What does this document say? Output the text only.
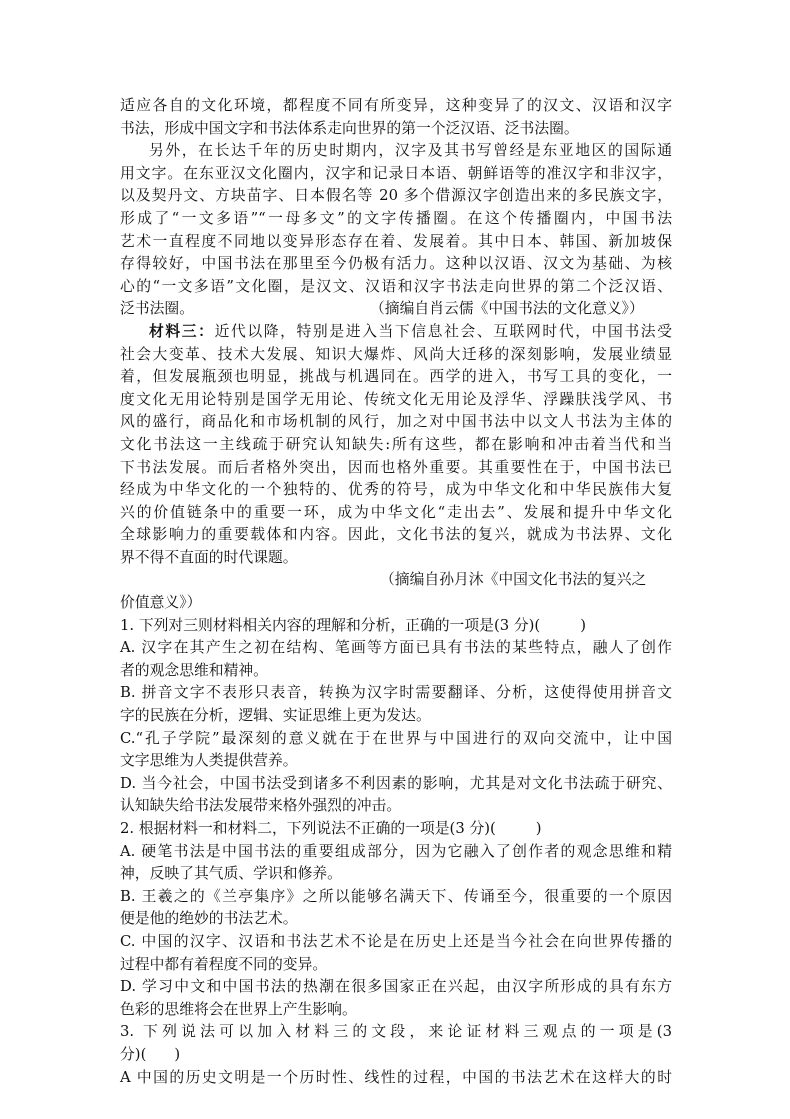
适应各自的文化环境，都程度不同有所变异，这种变异了的汉文、汉语和汉字
书法，形成中国文字和书法体系走向世界的第一个泛汉语、泛书法圈。
另外，在长达千年的历史时期内，汉字及其书写曾经是东亚地区的国际通
用文字。在东亚汉文化圈内，汉字和记录日本语、朝鲜语等的准汉字和非汉字，
以及契丹文、方块苗字、日本假名等 20 多个借源汉字创造出来的多民族文字，
形成了“一文多语”“一母多文”的文字传播圈。在这个传播圈内，中国书法
艺术一直程度不同地以变异形态存在着、发展着。其中日本、韩国、新加坡保
存得较好，中国书法在那里至今仍极有活力。这种以汉语、汉文为基础、为核
心的“一文多语”文化圈，是汉文、汉语和汉字书法走向世界的第二个泛汉语、
泛书法圈。	（摘编自肖云儒《中国书法的文化意义》）
材料三：近代以降，特别是进入当下信息社会、互联网时代，中国书法受
社会大变革、技术大发展、知识大爆炸、风尚大迁移的深刻影响，发展业绩显
着，但发展瓶颈也明显，挑战与机遇同在。西学的进入，书写工具的变化，一
度文化无用论特别是国学无用论、传统文化无用论及浮华、浮躁肤浅学风、书
风的盛行，商品化和市场机制的风行，加之对中国书法中以文人书法为主体的
文化书法这一主线疏于研究认知缺失:所有这些，都在影响和冲击着当代和当
下书法发展。而后者格外突出，因而也格外重要。其重要性在于，中国书法已
经成为中华文化的一个独特的、优秀的符号，成为中华文化和中华民族伟大复
兴的价值链条中的重要一环，成为中华文化“走出去”、发展和提升中华文化
全球影响力的重要载体和内容。因此，文化书法的复兴，就成为书法界、文化
界不得不直面的时代课题。
（摘编自孙月沐《中国文化书法的复兴之
价值意义》）
1. 下列对三则材料相关内容的理解和分析，正确的一项是(3 分)(	)
A. 汉字在其产生之初在结构、笔画等方面已具有书法的某些特点，融人了创作
者的观念思维和精神。
B. 拼音文字不表形只表音，转换为汉字时需要翻译、分析，这使得使用拼音文
字的民族在分析，逻辑、实证思维上更为发达。
C.“孔子学院”最深刻的意义就在于在世界与中国进行的双向交流中，让中国
文字思维为人类提供营养。
D. 当今社会，中国书法受到诸多不利因素的影响，尤其是对文化书法疏于研究、
认知缺失给书法发展带来格外强烈的冲击。
2. 根据材料一和材料二，下列说法不正确的一项是(3 分)(	)
A. 硬笔书法是中国书法的重要组成部分，因为它融入了创作者的观念思维和精
神，反映了其气质、学识和修养。
B. 王羲之的《兰亭集序》之所以能够名满天下、传诵至今，很重要的一个原因
便是他的绝妙的书法艺术。
C. 中国的汉字、汉语和书法艺术不论是在历史上还是当今社会在向世界传播的
过程中都有着程度不同的变异。
D. 学习中文和中国书法的热潮在很多国家正在兴起，由汉字所形成的具有东方
色彩的思维将会在世界上产生影响。
3. 下列说法可以加入材料三的文段，来论证材料三观点的一项是(3
分)( )
A 中国的历史文明是一个历时性、线性的过程，中国的书法艺术在这样大的时
